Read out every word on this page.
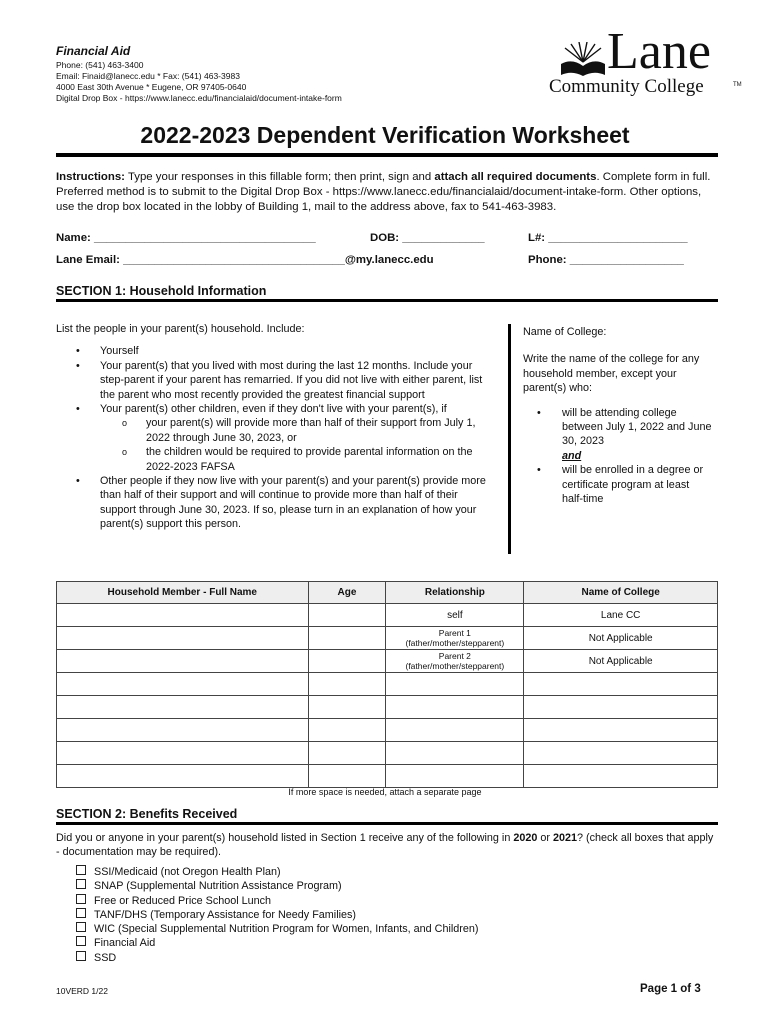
Financial Aid
Phone: (541) 463-3400
Email: Finaid@lanecc.edu * Fax: (541) 463-3983
4000 East 30th Avenue * Eugene, OR 97405-0640
Digital Drop Box - https://www.lanecc.edu/financialaid/document-intake-form
Lane
Community College	TM
2022-2023 Dependent Verification Worksheet
Instructions: Type your responses in this fillable form; then print, sign and attach all required documents. Complete form in full. Preferred method is to submit to the Digital Drop Box - https://www.lanecc.edu/financialaid/document-intake-form. Other options, use the drop box located in the lobby of Building 1, mail to the address above, fax to 541-463-3983.
Name: ___________________________________	DOB: _____________	L#: ______________________
Lane Email: ___________________________________@my.lanecc.edu	Phone: __________________
SECTION 1: Household Information
List the people in your parent(s) household. Include:
• Yourself
• Your parent(s) that you lived with most during the last 12 months. Include your step-parent if your parent has remarried. If you did not live with either parent, list the parent who most recently provided the greatest financial support
• Your parent(s) other children, even if they don't live with your parent(s), if
o your parent(s) will provide more than half of their support from July 1, 2022 through June 30, 2023, or
o the children would be required to provide parental information on the 2022-2023 FAFSA
• Other people if they now live with your parent(s) and your parent(s) provide more than half of their support and will continue to provide more than half of their support through June 30, 2023. If so, please turn in an explanation of how your parent(s) support this person.
Name of College:
Write the name of the college for any household member, except your parent(s) who:
• will be attending college between July 1, 2022 and June 30, 2023
and
• will be enrolled in a degree or certificate program at least half-time
Household Member - Full Name	Age	Relationship	Name of College
		self	Lane CC
		Parent 1
(father/mother/stepparent)	Not Applicable
		Parent 2
(father/mother/stepparent)	Not Applicable

If more space is needed, attach a separate page
SECTION 2: Benefits Received
Did you or anyone in your parent(s) household listed in Section 1 receive any of the following in 2020 or 2021? (check all boxes that apply - documentation may be required).
SSI/Medicaid (not Oregon Health Plan)
SNAP (Supplemental Nutrition Assistance Program)
Free or Reduced Price School Lunch
TANF/DHS (Temporary Assistance for Needy Families)
WIC (Special Supplemental Nutrition Program for Women, Infants, and Children)
Financial Aid
SSD
10VERD 1/22	Page 1 of 3
